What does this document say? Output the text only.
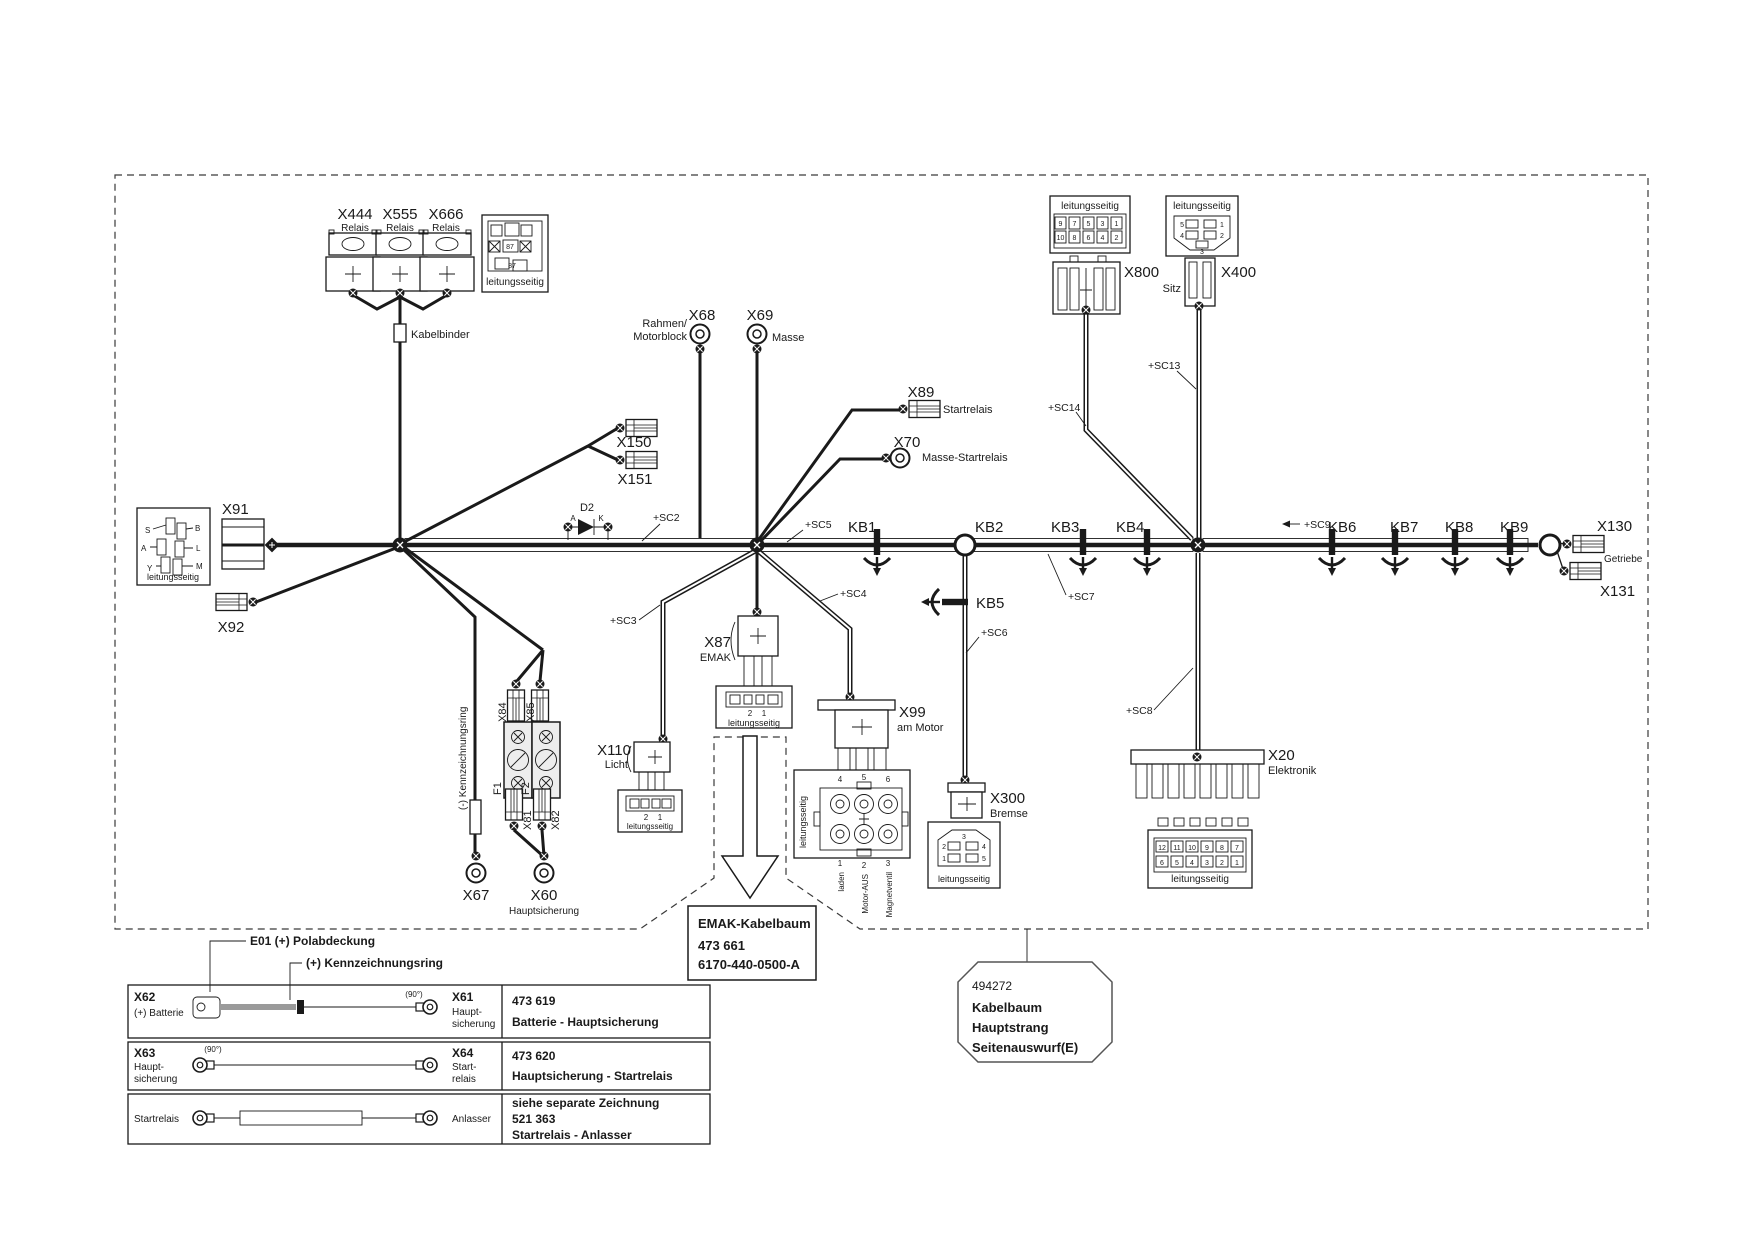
D2
A	K
KB1	KB2	KB3 KB4
KB5
KB6 KB7 KB8 KB9
+SC2
+SC3
+SC4
+SC5
+SC6
+SC7
+SC8
+SC9
+SC13
+SC14
X444 X555 X666
Relais Relais Relais
87
87
leitungsseitig
Kabelbinder
X91
S	B
A	L
Y	M
leitungsseitig
X92
X68 X69
Rahmen/
Motorblock	Masse
X150
X151
X89
Startrelais
X70
Masse-Startrelais
X84 X85
F1 F2
X81 X82
(-) Kennzeichnungsring
X67	X60
Hauptsicherung
X87
EMAK
2 1
leitungsseitig
X110
Licht
2 1
leitungsseitig
X99
am Motor
4 5 6
1 2 3
leitungsseitig
laden Motor-AUS Magnetventil
X300
Bremse
3
2
1
4
5
leitungsseitig
X20
Elektronik
12 11 10 9 8 7
6 5 4 3 2 1
leitungsseitig
X800
9 7 5 3 1
10 8 6 4 2
leitungsseitig
X400
Sitz
5
4
1
2
3
leitungsseitig
X130
Getriebe
X131
EMAK-Kabelbaum
473 661
6170-440-0500-A
494272
Kabelbaum
Hauptstrang
Seitenauswurf(E)
E01 (+) Polabdeckung
(+) Kennzeichnungsring
X62
(+) Batterie
(90°) X61
Haupt-
sicherung
473 619
Batterie - Hauptsicherung
X63
Haupt-
sicherung
(90°)	X64
Start-
relais
473 620
Hauptsicherung - Startrelais
Startrelais	Anlasser
siehe separate Zeichnung
521 363
Startrelais - Anlasser
